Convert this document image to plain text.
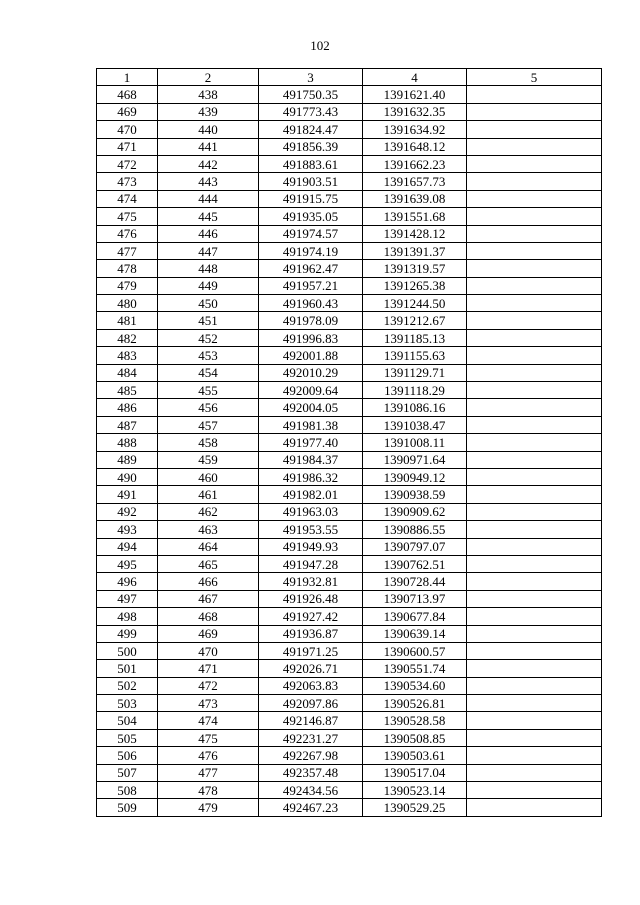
102
1	2	3	4	5
468	438	491750.35	1391621.40	
469	439	491773.43	1391632.35	
470	440	491824.47	1391634.92	
471	441	491856.39	1391648.12	
472	442	491883.61	1391662.23	
473	443	491903.51	1391657.73	
474	444	491915.75	1391639.08	
475	445	491935.05	1391551.68	
476	446	491974.57	1391428.12	
477	447	491974.19	1391391.37	
478	448	491962.47	1391319.57	
479	449	491957.21	1391265.38	
480	450	491960.43	1391244.50	
481	451	491978.09	1391212.67	
482	452	491996.83	1391185.13	
483	453	492001.88	1391155.63	
484	454	492010.29	1391129.71	
485	455	492009.64	1391118.29	
486	456	492004.05	1391086.16	
487	457	491981.38	1391038.47	
488	458	491977.40	1391008.11	
489	459	491984.37	1390971.64	
490	460	491986.32	1390949.12	
491	461	491982.01	1390938.59	
492	462	491963.03	1390909.62	
493	463	491953.55	1390886.55	
494	464	491949.93	1390797.07	
495	465	491947.28	1390762.51	
496	466	491932.81	1390728.44	
497	467	491926.48	1390713.97	
498	468	491927.42	1390677.84	
499	469	491936.87	1390639.14	
500	470	491971.25	1390600.57	
501	471	492026.71	1390551.74	
502	472	492063.83	1390534.60	
503	473	492097.86	1390526.81	
504	474	492146.87	1390528.58	
505	475	492231.27	1390508.85	
506	476	492267.98	1390503.61	
507	477	492357.48	1390517.04	
508	478	492434.56	1390523.14	
509	479	492467.23	1390529.25	
